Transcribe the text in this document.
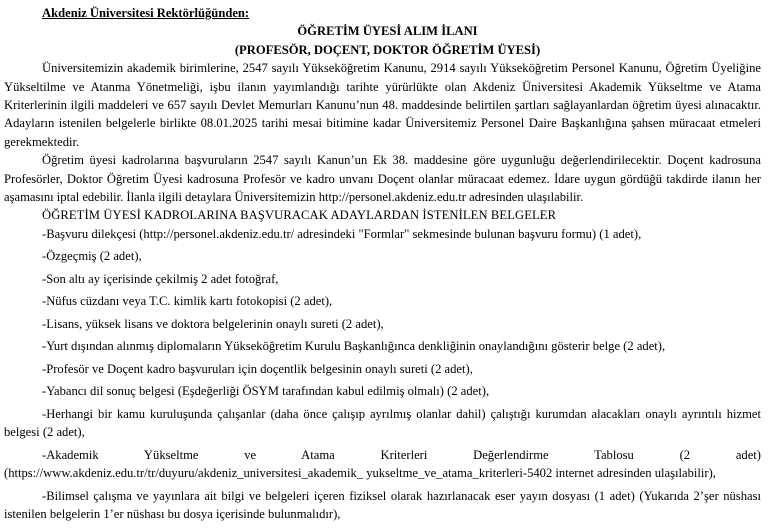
Akdeniz Üniversitesi Rektörlüğünden:
ÖĞRETİM ÜYESİ ALIM İLANI
(PROFESÖR, DOÇENT, DOKTOR ÖĞRETİM ÜYESİ)

Üniversitemizin akademik birimlerine, 2547 sayılı Yükseköğretim Kanunu, 2914 sayılı Yükseköğretim Personel Kanunu, Öğretim Üyeliğine Yükseltilme ve Atanma Yönetmeliği, işbu ilanın yayımlandığı tarihte yürürlükte olan Akdeniz Üniversitesi Akademik Yükseltme ve Atama Kriterlerinin ilgili maddeleri ve 657 sayılı Devlet Memurları Kanunu’nun 48. maddesinde belirtilen şartları sağlayanlardan öğretim üyesi alınacaktır. Adayların istenilen belgelerle birlikte 08.01.2025 tarihi mesai bitimine kadar Üniversitemiz Personel Daire Başkanlığına şahsen müracaat etmeleri gerekmektedir.

Öğretim üyesi kadrolarına başvuruların 2547 sayılı Kanun’un Ek 38. maddesine göre uygunluğu değerlendirilecektir. Doçent kadrosuna Profesörler, Doktor Öğretim Üyesi kadrosuna Profesör ve kadro unvanı Doçent olanlar müracaat edemez. İdare uygun gördüğü takdirde ilanın her aşamasını iptal edebilir. İlanla ilgili detaylara Üniversitemizin http://personel.akdeniz.edu.tr adresinden ulaşılabilir.

ÖĞRETİM ÜYESİ KADROLARINA BAŞVURACAK ADAYLARDAN İSTENİLEN BELGELER
-Başvuru dilekçesi (http://personel.akdeniz.edu.tr/ adresindeki "Formlar" sekmesinde bulunan başvuru formu) (1 adet),
-Özgeçmiş (2 adet),
-Son altı ay içerisinde çekilmiş 2 adet fotoğraf,
-Nüfus cüzdanı veya T.C. kimlik kartı fotokopisi (2 adet),
-Lisans, yüksek lisans ve doktora belgelerinin onaylı sureti (2 adet),
-Yurt dışından alınmış diplomaların Yükseköğretim Kurulu Başkanlığınca denkliğinin onaylandığını gösterir belge (2 adet),
-Profesör ve Doçent kadro başvuruları için doçentlik belgesinin onaylı sureti (2 adet),
-Yabancı dil sonuç belgesi (Eşdeğerliği ÖSYM tarafından kabul edilmiş olmalı) (2 adet),
-Herhangi bir kamu kuruluşunda çalışanlar (daha önce çalışıp ayrılmış olanlar dahil) çalıştığı kurumdan alacakları onaylı ayrıntılı hizmet belgesi (2 adet),
-Akademik Yükseltme ve Atama Kriterleri Değerlendirme Tablosu (2 adet) (https://www.akdeniz.edu.tr/tr/duyuru/akdeniz_universitesi_akademik_ yukseltme_ve_atama_kriterleri-5402 internet adresinden ulaşılabilir),
-Bilimsel çalışma ve yayınlara ait bilgi ve belgeleri içeren fiziksel olarak hazırlanacak eser yayın dosyası (1 adet) (Yukarıda 2’şer nüshası istenilen belgelerin 1’er nüshası bu dosya içerisinde bulunmalıdır),
